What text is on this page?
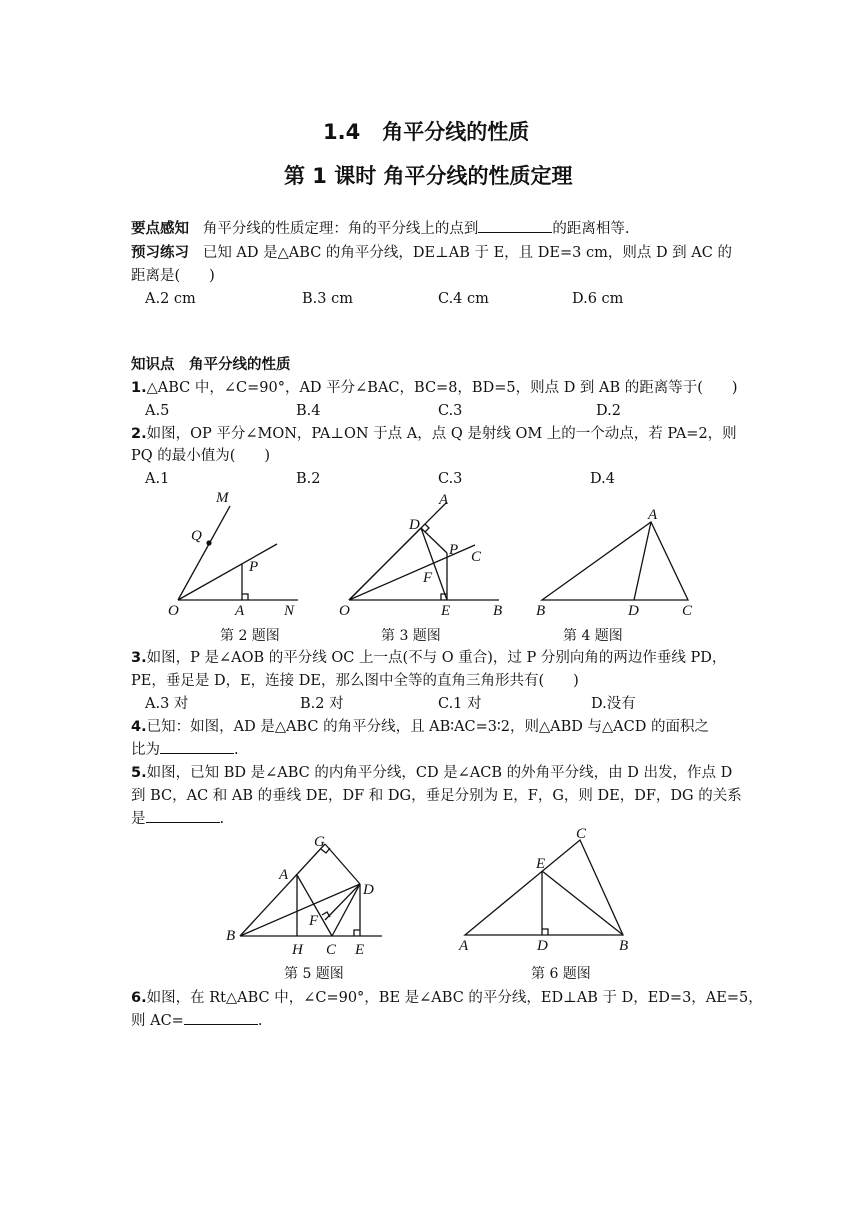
1.4 角平分线的性质
第 1 课时 角平分线的性质定理
要点感知 角平分线的性质定理：角的平分线上的点到	的距离相等.
预习练习 已知 AD 是△ABC 的角平分线，DE⊥AB 于 E，且 DE=3 cm，则点 D 到 AC 的
距离是(　　)
A.2 cm	B.3 cm	C.4 cm	D.6 cm
知识点　角平分线的性质
1.△ABC 中，∠C=90°，AD 平分∠BAC，BC=8，BD=5，则点 D 到 AB 的距离等于(　　)
A.5	B.4	C.3	D.2
2.如图，OP 平分∠MON，PA⊥ON 于点 A，点 Q 是射线 OM 上的一个动点，若 PA=2，则
PQ 的最小值为(　　)
A.1	B.2	C.3	D.4
M
Q
P
O	A	N
第 2 题图
A
D
P C
F
O	E	B
第 3 题图
A
B	D	C
第 4 题图
3.如图，P 是∠AOB 的平分线 OC 上一点(不与 O 重合)，过 P 分别向角的两边作垂线 PD，
PE，垂足是 D，E，连接 DE，那么图中全等的直角三角形共有(　　)
A.3 对	B.2 对	C.1 对	D.没有
4.已知：如图，AD 是△ABC 的角平分线，且 AB∶AC=3∶2，则△ABD 与△ACD 的面积之
比为	.
5.如图，已知 BD 是∠ABC 的内角平分线，CD 是∠ACB 的外角平分线，由 D 出发，作点 D
到 BC，AC 和 AB 的垂线 DE，DF 和 DG，垂足分别为 E，F，G，则 DE，DF，DG 的关系
是	.
G
A
D
F
B
H C E
第 5 题图
C
E
A	D	B
第 6 题图
6.如图，在 Rt△ABC 中，∠C=90°，BE 是∠ABC 的平分线，ED⊥AB 于 D，ED=3，AE=5，
则 AC=	.
